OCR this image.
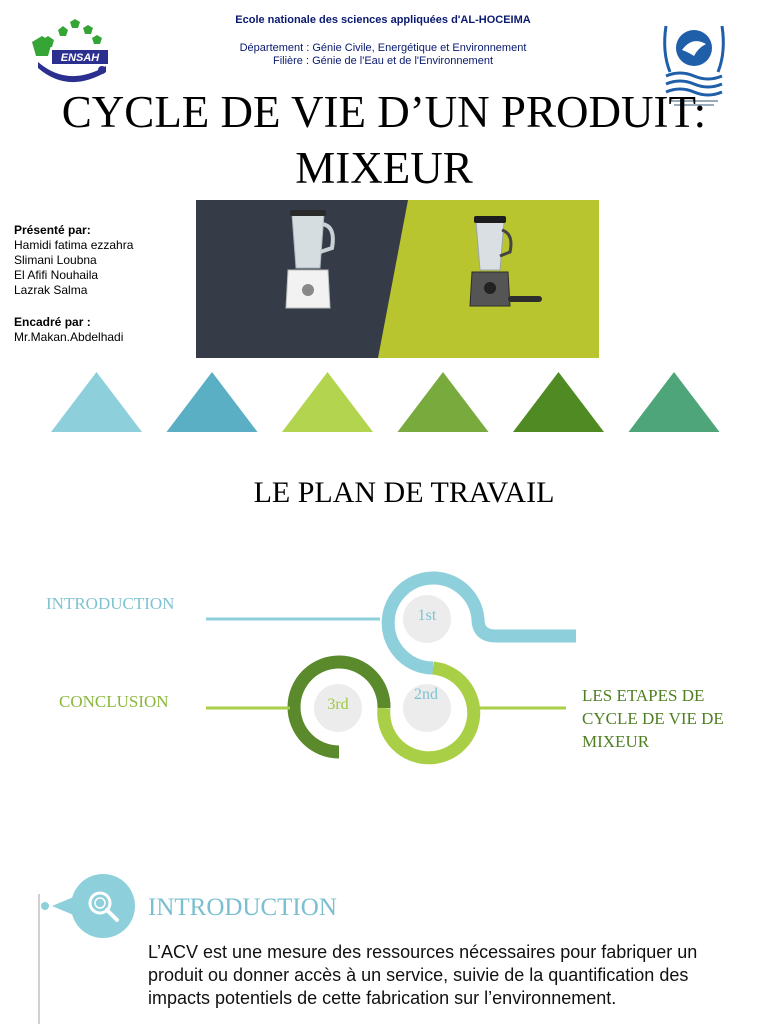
ENSAH
Ecole nationale des sciences appliquées d'AL-HOCEIMA
Département : Génie Civile, Energétique et Environnement
Filière : Génie de l'Eau et de l'Environnement
CYCLE DE VIE D’UN PRODUIT:
MIXEUR
Présenté par:
Hamidi fatima ezzahra
Slimani Loubna
El Afifi Nouhaila
Lazrak Salma
Encadré par :
Mr.Makan.Abdelhadi
LE PLAN DE TRAVAIL
1st
3rd
2nd
INTRODUCTION
CONCLUSION	LES ETAPES DE CYCLE DE VIE DE MIXEUR
INTRODUCTION
L’ACV est une mesure des ressources nécessaires pour fabriquer un produit ou donner accès à un service, suivie de la quantification des impacts potentiels de cette fabrication sur l’environnement.
